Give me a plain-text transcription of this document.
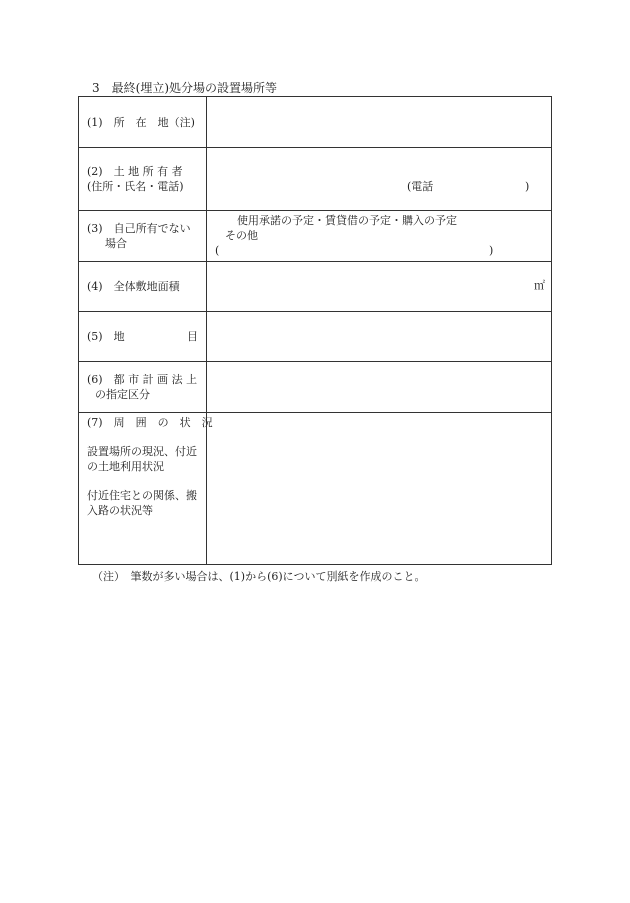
3　最終(埋立)処分場の設置場所等
(1)　所　在　地（注)	

(2)　土 地 所 有 者
(住所・氏名・電話)	(電話 )

(3)　自己所有でない
場合	使用承諾の予定・賃貸借の予定・購入の予定
その他
( )

(4)　全体敷地面積	㎡

(5)　地 目	

(6)　都 市 計 画 法 上
の指定区分	

(7)　周　囲　の　状　況
設置場所の現況、付近
の土地利用状況
付近住宅との関係、搬
入路の状況等	

（注）　筆数が多い場合は、(1)から(6)について別紙を作成のこと。
